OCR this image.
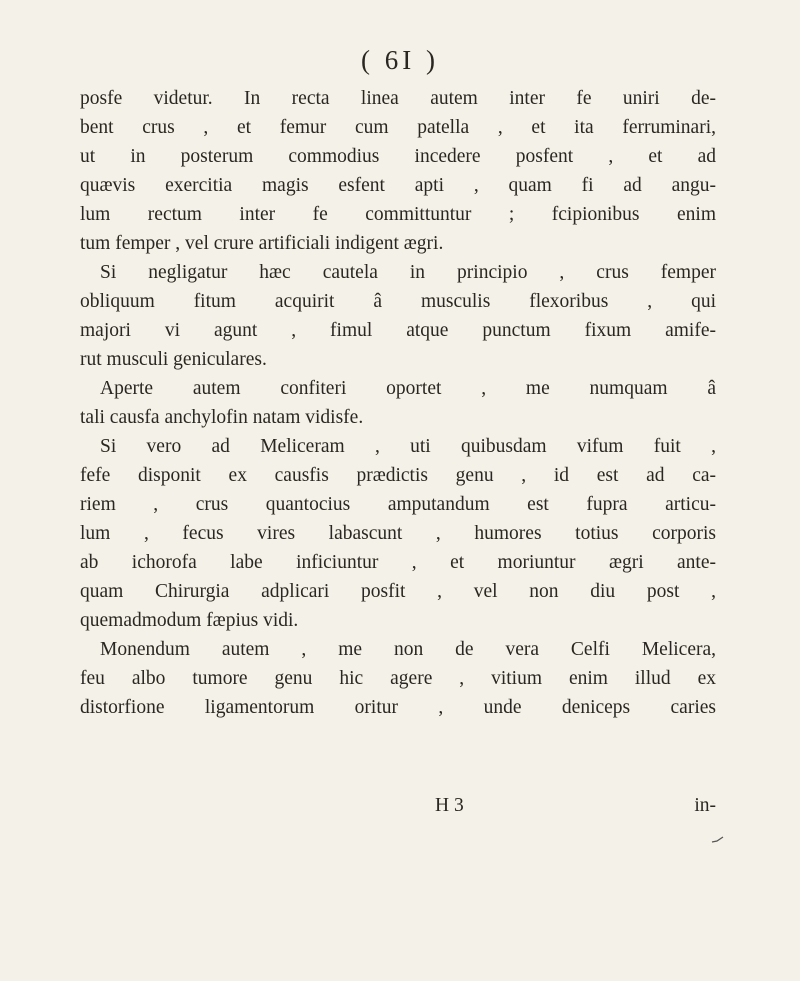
( 6I )
posfe videtur. In recta linea autem inter fe uniri de-
bent crus , et femur cum patella , et ita ferruminari,
ut in posterum commodius incedere posfent , et ad
quævis exercitia magis esfent apti , quam fi ad angu-
lum rectum inter fe committuntur ; fcipionibus enim
tum femper , vel crure artificiali indigent ægri.
Si negligatur hæc cautela in principio , crus femper
obliquum fitum acquirit â musculis flexoribus , qui
majori vi agunt , fimul atque punctum fixum amife-
rut musculi geniculares.
Aperte autem confiteri oportet , me numquam â
tali causfa anchylofin natam vidisfe.
Si vero ad Meliceram , uti quibusdam vifum fuit ,
fefe disponit ex causfis prædictis genu , id est ad ca-
riem , crus quantocius amputandum est fupra articu-
lum , fecus vires labascunt , humores totius corporis
ab ichorofa labe inficiuntur , et moriuntur ægri ante-
quam Chirurgia adplicari posfit , vel non diu post ,
quemadmodum fæpius vidi.
Monendum autem , me non de vera Celfi Melicera,
feu albo tumore genu hic agere , vitium enim illud ex
distorfione ligamentorum oritur , unde deniceps caries
H 3	in-
